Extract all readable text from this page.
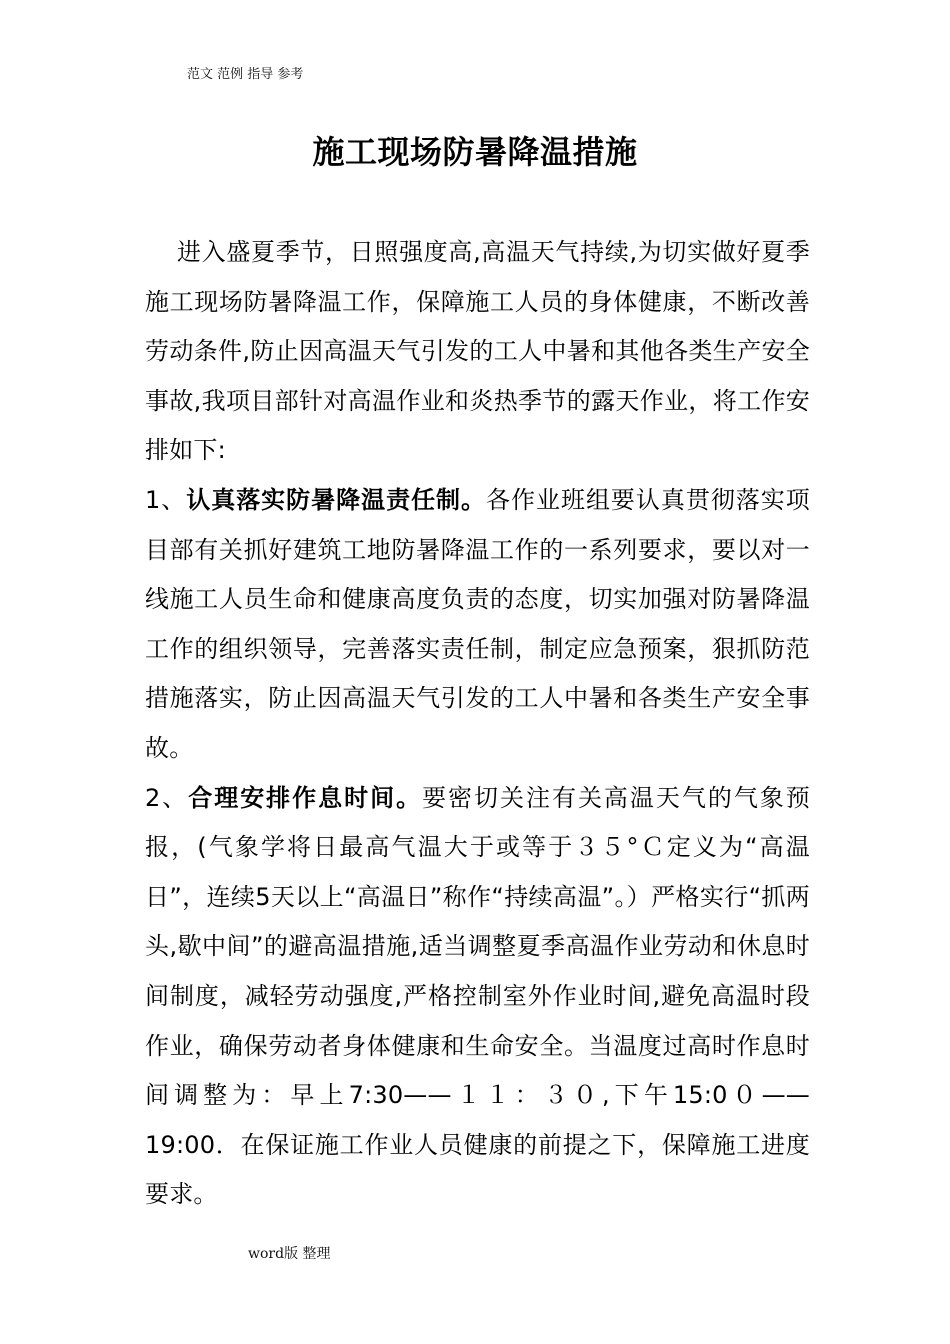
范文 范例 指导 参考
施工现场防暑降温措施

进入盛夏季节，日照强度高,高温天气持续,为切实做好夏季施工现场防暑降温工作，保障施工人员的身体健康，不断改善劳动条件,防止因高温天气引发的工人中暑和其他各类生产安全事故,我项目部针对高温作业和炎热季节的露天作业，将工作安排如下:

1、认真落实防暑降温责任制。各作业班组要认真贯彻落实项目部有关抓好建筑工地防暑降温工作的一系列要求，要以对一线施工人员生命和健康高度负责的态度，切实加强对防暑降温工作的组织领导，完善落实责任制，制定应急预案，狠抓防范措施落实，防止因高温天气引发的工人中暑和各类生产安全事故。

2、合理安排作息时间。要密切关注有关高温天气的气象预报，(气象学将日最高气温大于或等于３５°Ｃ定义为“高温日”，连续5天以上“高温日”称作“持续高温”。）严格实行“抓两头,歇中间”的避高温措施,适当调整夏季高温作业劳动和休息时间制度，减轻劳动强度,严格控制室外作业时间,避免高温时段作业，确保劳动者身体健康和生命安全。当温度过高时作息时间调整为：早上7:30——１１：３０,下午15:0０——19:00．在保证施工作业人员健康的前提之下，保障施工进度要求。

word版 整理
